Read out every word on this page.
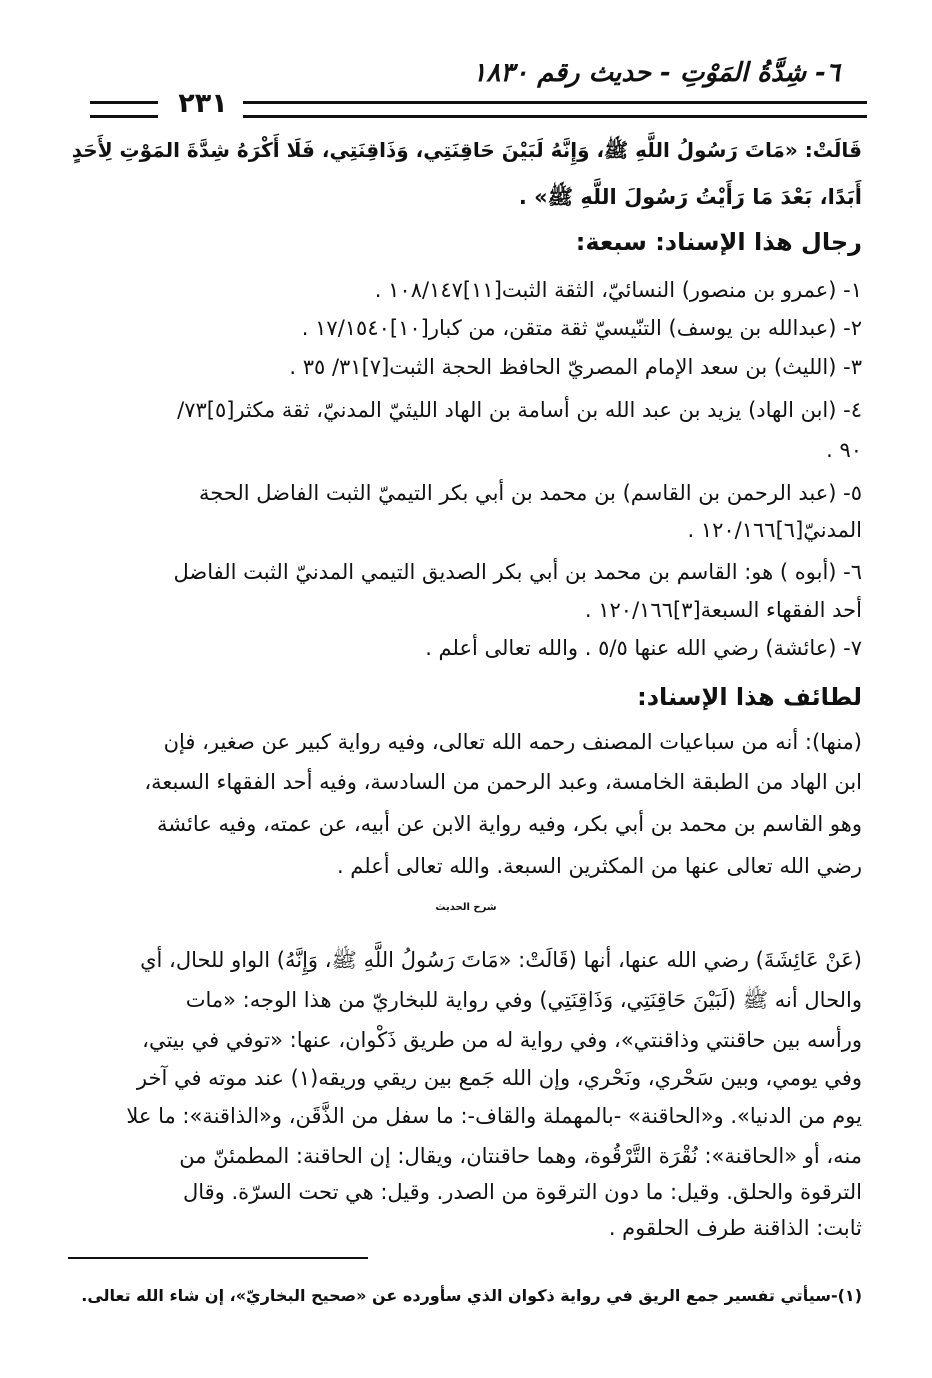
٦- شِدَّةُ المَوْتِ - حديث رقم ١٨٣٠
٢٣١
قَالَتْ: «مَاتَ رَسُولُ اللَّهِ ﷺ، وَإِنَّهُ لَبَيْنَ حَاقِنَتِي، وَذَاقِنَتِي، فَلَا أَكْرَهُ شِدَّةَ المَوْتِ لِأَحَدٍ
أَبَدًا، بَعْدَ مَا رَأَيْتُ رَسُولَ اللَّهِ ﷺ» .
رجال هذا الإسناد: سبعة:
١- (عمرو بن منصور) النسائيّ، الثقة الثبت[١١]١٠٨/١٤٧ .
٢- (عبدالله بن يوسف) التنّيسيّ ثقة متقن، من كبار[١٠]١٧/١٥٤٠ .
٣- (الليث) بن سعد الإمام المصريّ الحافظ الحجة الثبت[٧]٣١/ ٣٥ .
٤- (ابن الهاد) يزيد بن عبد الله بن أسامة بن الهاد الليثيّ المدنيّ، ثقة مكثر[٥]٧٣/
٩٠ .
٥- (عبد الرحمن بن القاسم) بن محمد بن أبي بكر التيميّ الثبت الفاضل الحجة
المدنيّ[٦]١٢٠/١٦٦ .
٦- (أبوه ) هو: القاسم بن محمد بن أبي بكر الصديق التيمي المدنيّ الثبت الفاضل
أحد الفقهاء السبعة[٣]١٢٠/١٦٦ .
٧- (عائشة) رضي الله عنها ٥/٥ . والله تعالى أعلم .
لطائف هذا الإسناد:
(منها): أنه من سباعيات المصنف رحمه الله تعالى، وفيه رواية كبير عن صغير، فإن
ابن الهاد من الطبقة الخامسة، وعبد الرحمن من السادسة، وفيه أحد الفقهاء السبعة،
وهو القاسم بن محمد بن أبي بكر، وفيه رواية الابن عن أبيه، عن عمته، وفيه عائشة
رضي الله تعالى عنها من المكثرين السبعة. والله تعالى أعلم .
شرح الحديث
(عَنْ عَائِشَةَ) رضي الله عنها، أنها (قَالَتْ: «مَاتَ رَسُولُ اللَّهِ ﷺ، وَإِنَّهُ) الواو للحال، أي
والحال أنه ﷺ (لَبَيْنَ حَاقِنَتِي، وَذَاقِنَتِي) وفي رواية للبخاريّ من هذا الوجه: «مات
ورأسه بين حاقنتي وذاقنتي»، وفي رواية له من طريق ذَكْوان، عنها: «توفي في بيتي،
وفي يومي، وبين سَحْري، ونَحْري، وإن الله جَمع بين ريقي وريقه(١) عند موته في آخر
يوم من الدنيا». و«الحاقنة» -بالمهملة والقاف-: ما سفل من الذَّقَن، و«الذاقنة»: ما علا
منه، أو «الحاقنة»: نُقْرَة التَّرْقُوة، وهما حاقنتان، ويقال: إن الحاقنة: المطمئنّ من
الترقوة والحلق. وقيل: ما دون الترقوة من الصدر. وقيل: هي تحت السرّة. وقال
ثابت: الذاقنة طرف الحلقوم .
(١)-سيأتي تفسير جمع الريق في رواية ذكوان الذي سأورده عن «صحيح البخاريّ»، إن شاء الله تعالى.
